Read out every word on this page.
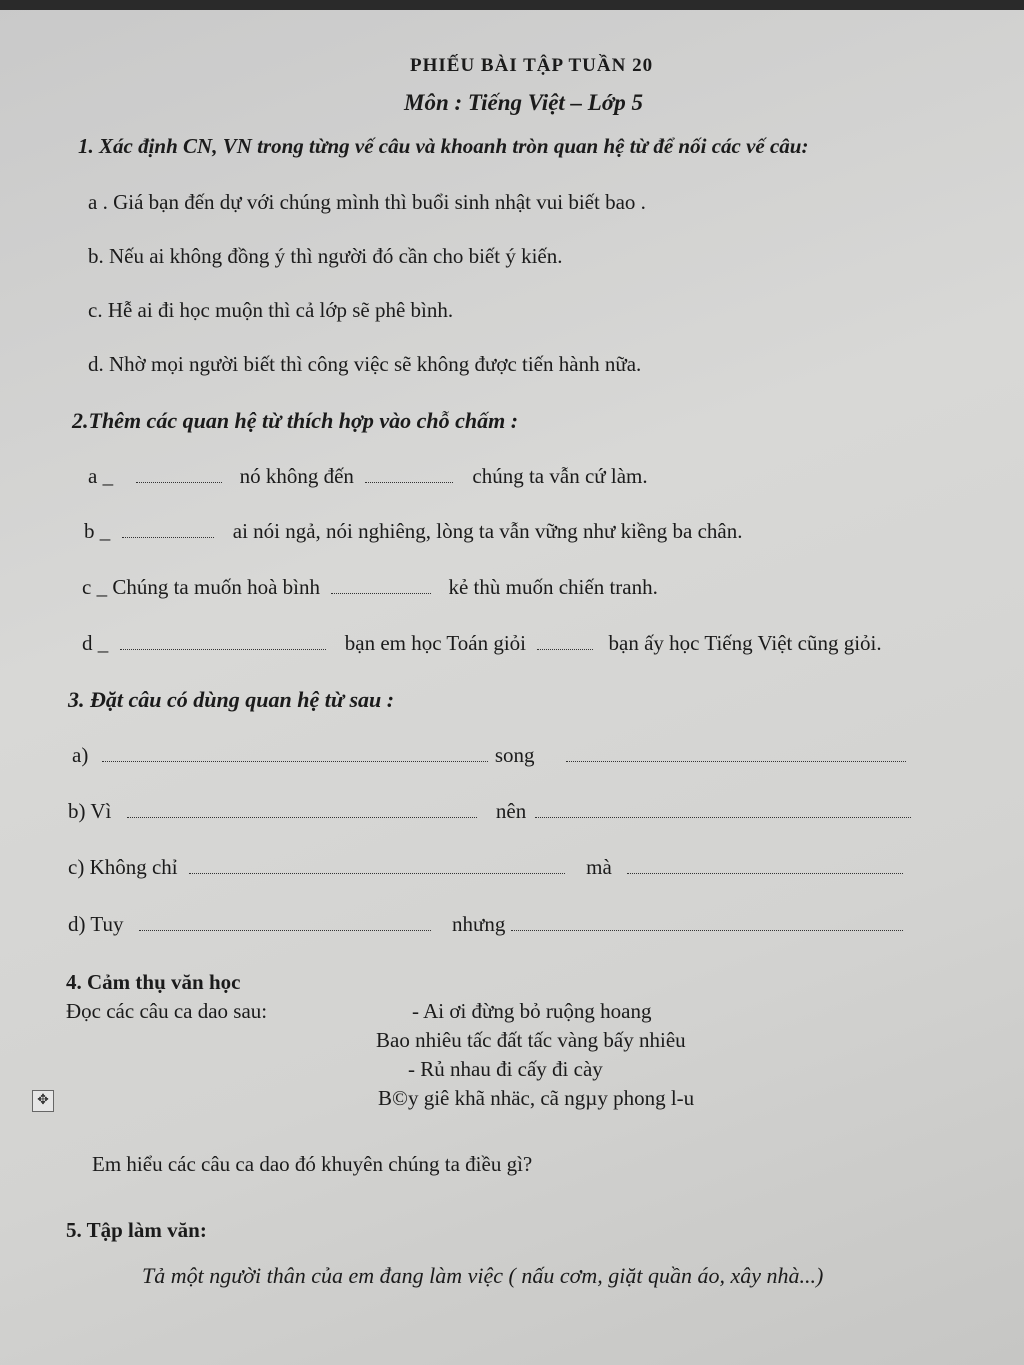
PHIẾU BÀI TẬP TUẦN 20
Môn : Tiếng Việt – Lớp 5
1. Xác định CN, VN trong từng vế câu và khoanh tròn quan hệ từ để nối các vế câu:
a . Giá bạn đến dự với chúng mình thì buổi sinh nhật vui biết bao .
b. Nếu ai không đồng ý thì người đó cần cho biết ý kiến.
c. Hễ ai đi học muộn thì cả lớp sẽ phê bình.
d. Nhờ mọi người biết thì công việc sẽ không được tiến hành nữa.
2.Thêm các quan hệ từ thích hợp vào chỗ chấm :
a _	nó không đến	chúng ta vẫn cứ làm.
b _	ai nói ngả, nói nghiêng, lòng ta vẫn vững như kiềng ba chân.
c _ Chúng ta muốn hoà bình	kẻ thù muốn chiến tranh.
d _	bạn em học Toán giỏi	bạn ấy học Tiếng Việt cũng giỏi.
3. Đặt câu có dùng quan hệ từ sau :
a)	song
b) Vì	nên
c) Không chỉ	mà
d) Tuy	nhưng
4. Cảm thụ văn học
Đọc các câu ca dao sau:	- Ai ơi đừng bỏ ruộng hoang
Bao nhiêu tấc đất tấc vàng bấy nhiêu
- Rủ nhau đi cấy đi cày
B©y giê khã nhäc, cã ngµy phong l-u
✥
Em hiểu các câu ca dao đó khuyên chúng ta điều gì?
5. Tập làm văn:
Tả một người thân của em đang làm việc ( nấu cơm, giặt quần áo, xây nhà...)
